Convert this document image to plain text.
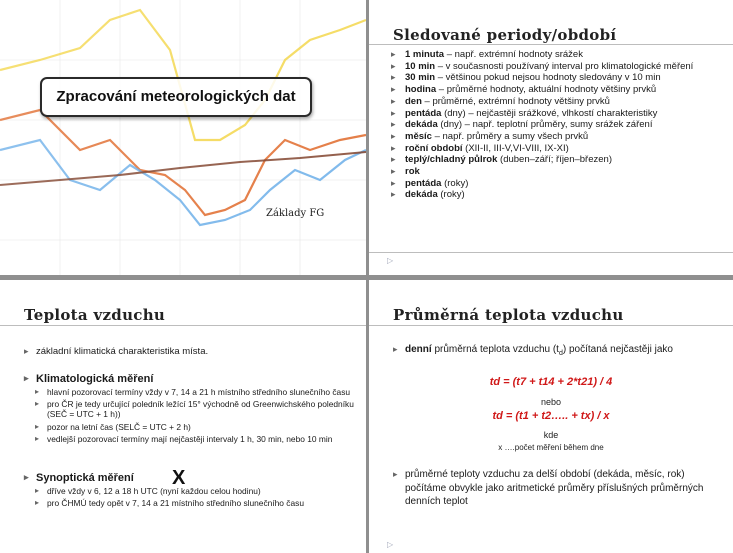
Zpracování meteorologických dat
Základy FG
Sledované periody/období
▸ 1 minuta – např. extrémní hodnoty srážek
▸ 10 min – v současnosti používaný interval pro klimatologické měření
▸ 30 min – většinou pokud nejsou hodnoty sledovány v 10 min
▸ hodina – průměrné hodnoty, aktuální hodnoty většiny prvků
▸ den – průměrné, extrémní hodnoty většiny prvků
▸ pentáda (dny) – nejčastěji srážkové, vlhkostí charakteristiky
▸ dekáda (dny) – např. teplotní průměry, sumy srážek záření
▸ měsíc – např. průměry a sumy všech prvků
▸ roční období (XII-II, III-V,VI-VIII, IX-XI)
▸ teplý/chladný půlrok (duben–září; říjen–březen)
▸ rok
▸ pentáda (roky)
▸ dekáda (roky)
▷
Teplota vzduchu
▸ základní klimatická charakteristika místa.
▸ Klimatologická měření
▸ hlavní pozorovací termíny vždy v 7, 14 a 21 h místního středního slunečního času
▸ pro ČR je tedy určující poledník ležící 15° východně od Greenwichského poledníku (SEČ = UTC + 1 h))
▸ pozor na letní čas (SELČ = UTC + 2 h)
▸ vedlejší pozorovací termíny mají nejčastěji intervaly 1 h, 30 min, nebo 10 min
▸ Synoptická měření
▸ dříve vždy v 6, 12 a 18 h UTC (nyní každou celou hodinu)
▸ pro ČHMÚ tedy opět v 7, 14 a 21 místního středního slunečního času
X
Průměrná teplota vzduchu
▸ denní průměrná teplota vzduchu $(t_d)$ počítaná nejčastěji jako
td = (t7 + t14 + 2*t21) / 4
nebo
td = (t1 + t2….. + tx) / x
kde
x ….počet měření během dne
▸ průměrné teploty vzduchu za delší období (dekáda, měsíc, rok) počítáme obvykle jako aritmetické průměry příslušných průměrných denních teplot
▷
